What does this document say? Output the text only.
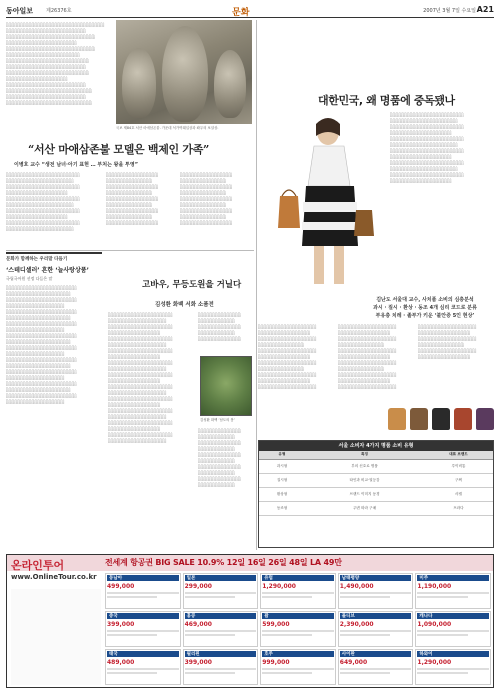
동아일보	제26376호	문화	2007년 3월 7일 수요일 A21
░░░░░░░░░░░░░░░░░░░░░░░░░░░░░░░░ ░░░░░░░░░░░░░░░░░░░░░░░░░░ ░░░░░░░░░░░░░░░░░░░░░░░░░░░░░ ░░░░░░░░░░░░░░░░░░░░░░░ ░░░░░░░░░░░░░░░░░░░░░░░░░░░░░ ░░░░░░░░░░░░░░░░░░░░░░░░ ░░░░░░░░░░░░░░░░░░░░░░░░░░░ ░░░░░░░░░░░░░░░░░░░░░░░░░░ ░░░░░░░░░░░░░░░░░░░░░░░░░░░ ░░░░░░░░░░░░░░░░░░░░ ░░░░░░░░░░░░░░░░░░░░░░░░░░ ░░░░░░░░░░░░░░░░░░░░░░░░░░░░ ░░░░░░░░░░░░░░░░░░░░░░░░░░ ░░░░░░░░░░░░░░░░░░░░░░░░░░░░
국보 제84호 서산 마애삼존불. 가운데 석가여래입상과 좌우의 보살상.
“서산 마애삼존불 모델은 백제인 가족”
이병호 교수 “생전 남녀·아기 표현 … 부처는 왕을 투영”
░░░░░░░░░░░░░░░░░░░░░░░░ ░░░░░░░░░░░░░░░░░░░░░░ ░░░░░░░░░░░░░░░░░░░░░░░░ ░░░░░░░░░░░░░░░░░░░░ ░░░░░░░░░░░░░░░░░░░░░░░░ ░░░░░░░░░░░░░░░░░░░░░░ ░░░░░░░░░░░░░░░░░░░░░░░░ ░░░░░░░░░░░░░░░░░░░░ ░░░░░░░░░░░░░░░░░░░░░░░░ ░░░░░░░░░░░░░░░░░░░░░░
░░░░░░░░░░░░░░░░░ ░░░░░░░░░░░░░░░ ░░░░░░░░░░░░░░░░░ ░░░░░░░░░░░░░░░ ░░░░░░░░░░░░░░░░░ ░░░░░░░░░░░░░░░ ░░░░░░░░░░░░░░░░░ ░░░░░░░░░░░░░░░ ░░░░░░░░░░░░░░░░░
░░░░░░░░░░░░░░░░░ ░░░░░░░░░░░░░░░ ░░░░░░░░░░░░░░░░░ ░░░░░░░░░░░░░░░ ░░░░░░░░░░░░░░░░░ ░░░░░░░░░░░░░░░ ░░░░░░░░░░░░░░░░░ ░░░░░░░░░░░░░░░ ░░░░░░░░░░░░░░░░░
문화가 함께하는 우리말 다듬기
‘스테디셀러’ 흔한 ‘늘사랑상품’
국립국어원 선정 다듬은 말
░░░░░░░░░░░░░░░░░░░░░░░ ░░░░░░░░░░░░░░░░░░░░░ ░░░░░░░░░░░░░░░░░░░░░░░ ░░░░░░░░░░░░░░░░░░░ ░░░░░░░░░░░░░░░░░░░░░░░ ░░░░░░░░░░░░░░░░░░░░░ ░░░░░░░░░░░░░░░░░░░░░░░ ░░░░░░░░░░░░░░░░░░░ ░░░░░░░░░░░░░░░░░░░░░░░ ░░░░░░░░░░░░░░░░░░░░░ ░░░░░░░░░░░░░░░░░░░░░░░ ░░░░░░░░░░░░░░░░░░░ ░░░░░░░░░░░░░░░░░░░░░░░ ░░░░░░░░░░░░░░░░░░░░░ ░░░░░░░░░░░░░░░░░░░░░░░ ░░░░░░░░░░░░░░░░░░░ ░░░░░░░░░░░░░░░░░░░░░░░ ░░░░░░░░░░░░░░░░░░░░░ ░░░░░░░░░░░░░░░░░░░░░░░ ░░░░░░░░░░░░░░░░░░░
고바우, 무등도원을 거닐다
김성환 화백 서화 소품전
░░░░░░░░░░░░░░░░░░░░░ ░░░░░░░░░░░░░░░░░░░ ░░░░░░░░░░░░░░░░░░░░░ ░░░░░░░░░░░░░░░░░ ░░░░░░░░░░░░░░░░░░░░░ ░░░░░░░░░░░░░░░░░░░ ░░░░░░░░░░░░░░░░░░░░░ ░░░░░░░░░░░░░░░░░ ░░░░░░░░░░░░░░░░░░░░░ ░░░░░░░░░░░░░░░░░░░ ░░░░░░░░░░░░░░░░░░░░░ ░░░░░░░░░░░░░░░░░ ░░░░░░░░░░░░░░░░░░░░░ ░░░░░░░░░░░░░░░░░░░ ░░░░░░░░░░░░░░░░░░░░░ ░░░░░░░░░░░░░░░░░ ░░░░░░░░░░░░░░░░░░░░░ ░░░░░░░░░░░░░░░░░░░ ░░░░░░░░░░░░░░░░░░░░░ ░░░░░░░░░░░░░░░░░ ░░░░░░░░░░░░░░░░░░░░░ ░░░░░░░░░░░░░░░░░░░
░░░░░░░░░░░░░░ ░░░░░░░░░░░░ ░░░░░░░░░░░░░░ ░░░░░░░░░░░░ ░░░░░░░░░░░░░░
김성환 화백 ‘남도의 봄’
░░░░░░░░░░░░░░ ░░░░░░░░░░░░ ░░░░░░░░░░░░░░ ░░░░░░░░░░░░ ░░░░░░░░░░░░░░ ░░░░░░░░░░░░ ░░░░░░░░░░░░░░ ░░░░░░░░░░░░ ░░░░░░░░░░░░░░ ░░░░░░░░░░░░
대한민국, 왜 명품에 중독됐나
░░░░░░░░░░░░░░░░░░░░░░░░ ░░░░░░░░░░░░░░░░░░░░░░ ░░░░░░░░░░░░░░░░░░░░░░░░ ░░░░░░░░░░░░░░░░░░░░ ░░░░░░░░░░░░░░░░░░░░░░░░ ░░░░░░░░░░░░░░░░░░░░░░ ░░░░░░░░░░░░░░░░░░░░░░░░ ░░░░░░░░░░░░░░░░░░░░ ░░░░░░░░░░░░░░░░░░░░░░░░ ░░░░░░░░░░░░░░░░░░░░░░ ░░░░░░░░░░░░░░░░░░░░░░░░ ░░░░░░░░░░░░░░░░░░░░
김난도 서울대 교수, 사치품 소비의 심층분석
과시 · 질시 · 환상 · 동조 4개 심리 코드로 분류
부유층 치레 · 졸부가 키운 ‘불안증 5인 현상’
░░░░░░░░░░░░░░░░░░░ ░░░░░░░░░░░░░░░░░ ░░░░░░░░░░░░░░░░░░░ ░░░░░░░░░░░░░░░ ░░░░░░░░░░░░░░░░░░░ ░░░░░░░░░░░░░░░░░ ░░░░░░░░░░░░░░░░░░░ ░░░░░░░░░░░░░░░ ░░░░░░░░░░░░░░░░░░░ ░░░░░░░░░░░░░░░░░ ░░░░░░░░░░░░░░░░░░░
░░░░░░░░░░░░░░░░░░░ ░░░░░░░░░░░░░░░░░ ░░░░░░░░░░░░░░░░░░░ ░░░░░░░░░░░░░░░ ░░░░░░░░░░░░░░░░░░░ ░░░░░░░░░░░░░░░░░ ░░░░░░░░░░░░░░░░░░░ ░░░░░░░░░░░░░░░ ░░░░░░░░░░░░░░░░░░░ ░░░░░░░░░░░░░░░░░ ░░░░░░░░░░░░░░░░░░░
░░░░░░░░░░░░░░░░░░░ ░░░░░░░░░░░░░░░░░ ░░░░░░░░░░░░░░░░░░░ ░░░░░░░░░░░░░░░ ░░░░░░░░░░░░░░░░░░░ ░░░░░░░░░░░░░░░░░
서울 소비자 4가지 명품 소비 유형
유형	특징	대표 브랜드
과시형	부의 신호로 명품	루이비통
질시형	타인과 비교·열등감	구찌
환상형	브랜드 이미지 동경	샤넬
동조형	주변 따라 구매	프라다
전세계 항공권 BIG SALE 10.9% 12일 16일 26일 48일 LA 49만
온라인투어
www.OnlineTour.co.kr	동남아
499,000
일본
299,000
유럽
1,290,000
남태평양
1,490,000
미주
1,190,000
중국
399,000
홍콩
469,000
괌
599,000
몰디브
2,390,000
캐나다
1,090,000
태국
489,000
필리핀
399,000
호주
999,000
사이판
649,000
하와이
1,290,000
